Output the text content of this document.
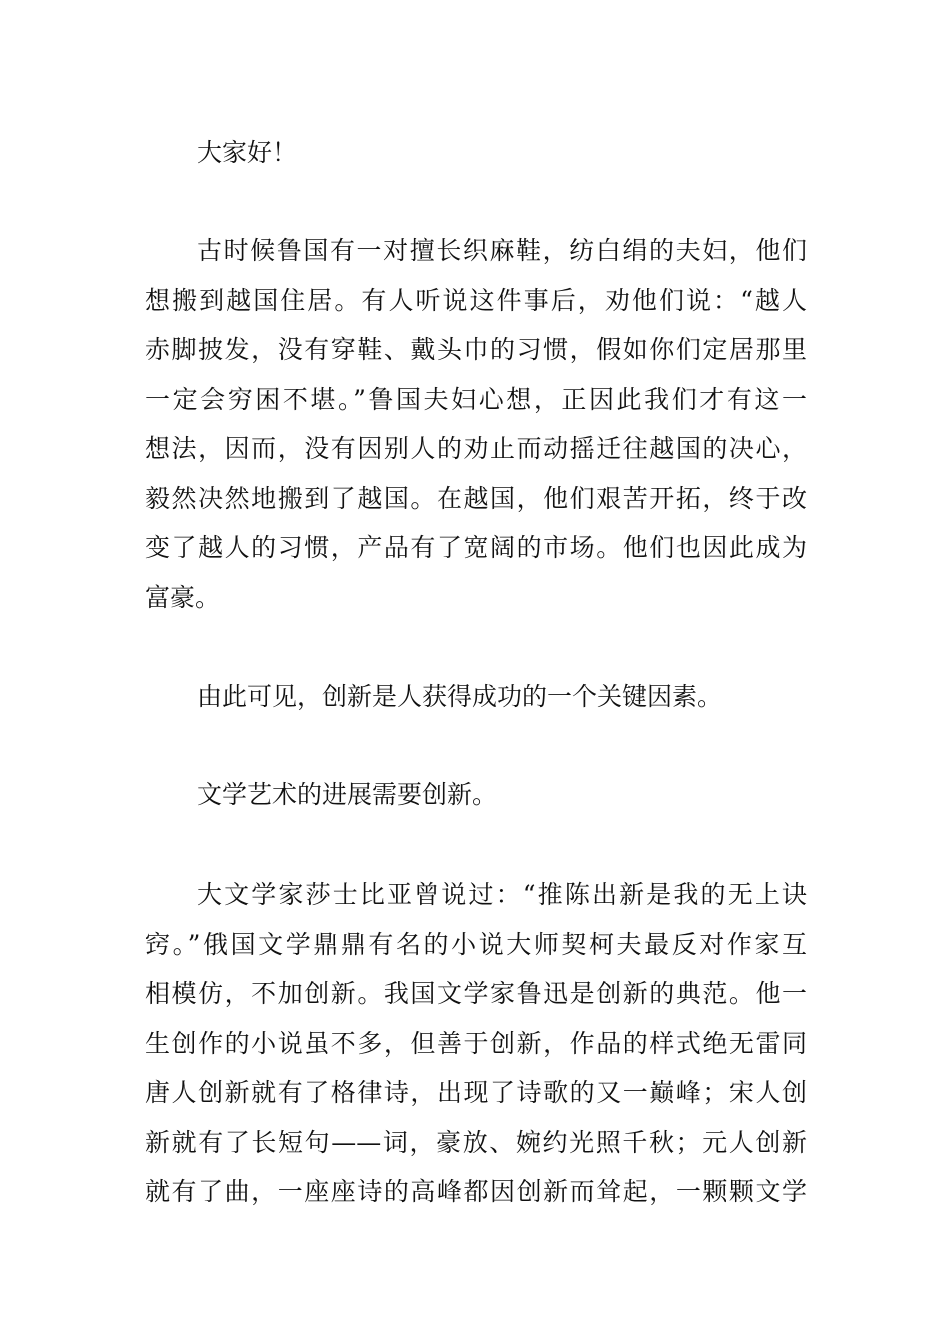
大家好！
古时候鲁国有一对擅长织麻鞋，纺白绢的夫妇，他们
想搬到越国住居。有人听说这件事后，劝他们说：“越人
赤脚披发，没有穿鞋、戴头巾的习惯，假如你们定居那里
一定会穷困不堪。”鲁国夫妇心想，正因此我们才有这一
想法，因而，没有因别人的劝止而动摇迁往越国的决心，
毅然决然地搬到了越国。在越国，他们艰苦开拓，终于改
变了越人的习惯，产品有了宽阔的市场。他们也因此成为
富豪。
由此可见，创新是人获得成功的一个关键因素。
文学艺术的进展需要创新。
大文学家莎士比亚曾说过：“推陈出新是我的无上诀
窍。”俄国文学鼎鼎有名的小说大师契柯夫最反对作家互
相模仿，不加创新。我国文学家鲁迅是创新的典范。他一
生创作的小说虽不多，但善于创新，作品的样式绝无雷同
唐人创新就有了格律诗，出现了诗歌的又一巅峰；宋人创
新就有了长短句——词，豪放、婉约光照千秋；元人创新
就有了曲，一座座诗的高峰都因创新而耸起，一颗颗文学
